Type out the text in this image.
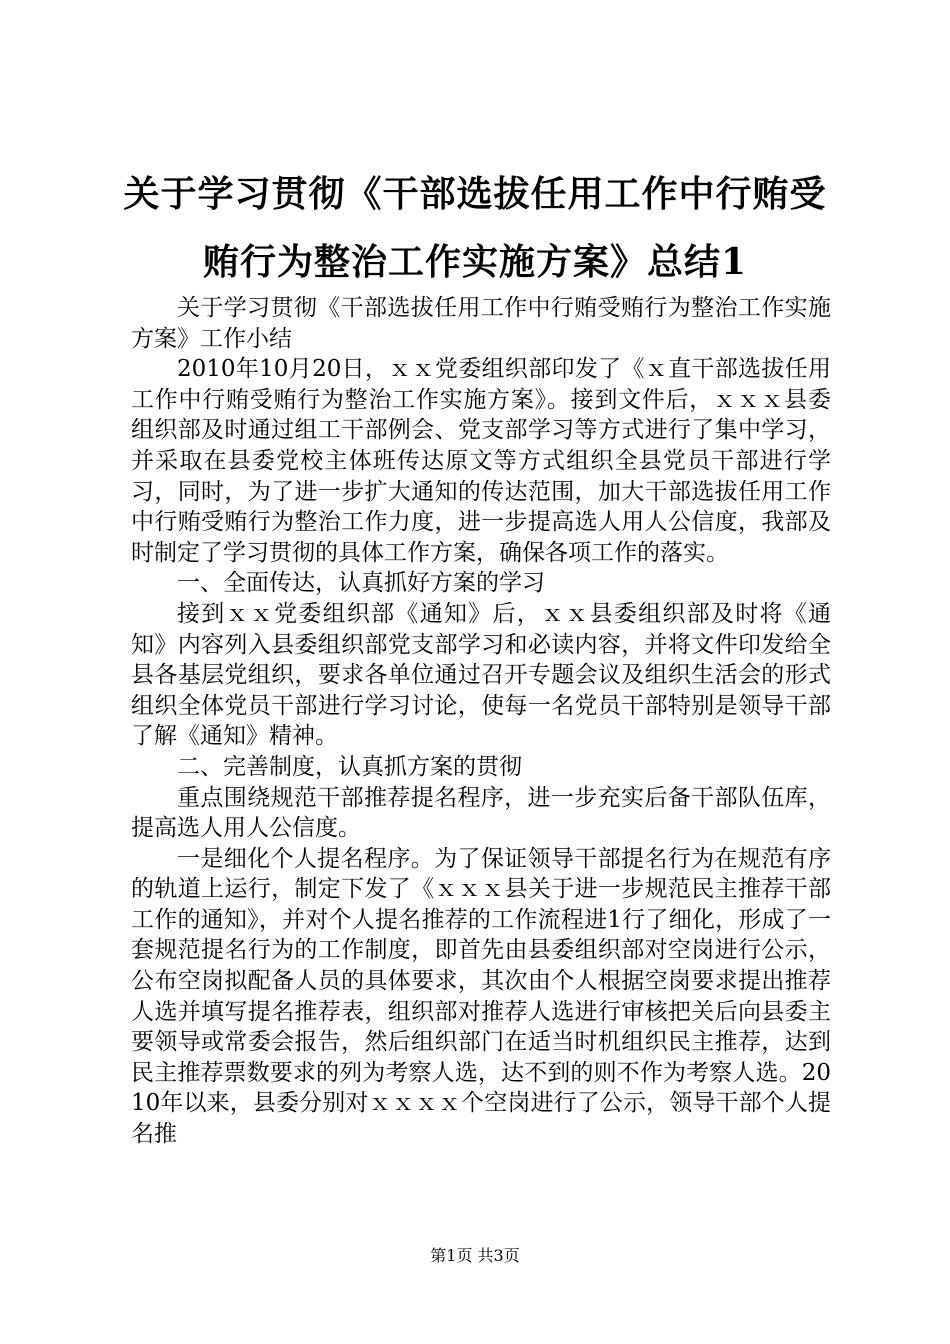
关于学习贯彻《干部选拔任用工作中行贿受贿行为整治工作实施方案》总结1

关于学习贯彻《干部选拔任用工作中行贿受贿行为整治工作实施方案》工作小结

2010年10月20日，ｘｘ党委组织部印发了《ｘ直干部选拔任用工作中行贿受贿行为整治工作实施方案》。接到文件后，ｘｘｘ县委组织部及时通过组工干部例会、党支部学习等方式进行了集中学习，并采取在县委党校主体班传达原文等方式组织全县党员干部进行学习，同时，为了进一步扩大通知的传达范围，加大干部选拔任用工作中行贿受贿行为整治工作力度，进一步提高选人用人公信度，我部及时制定了学习贯彻的具体工作方案，确保各项工作的落实。

一、全面传达，认真抓好方案的学习

接到ｘｘ党委组织部《通知》后，ｘｘ县委组织部及时将《通知》内容列入县委组织部党支部学习和必读内容，并将文件印发给全县各基层党组织，要求各单位通过召开专题会议及组织生活会的形式组织全体党员干部进行学习讨论，使每一名党员干部特别是领导干部了解《通知》精神。

二、完善制度，认真抓方案的贯彻

重点围绕规范干部推荐提名程序，进一步充实后备干部队伍库，提高选人用人公信度。

一是细化个人提名程序。为了保证领导干部提名行为在规范有序的轨道上运行，制定下发了《ｘｘｘ县关于进一步规范民主推荐干部工作的通知》，并对个人提名推荐的工作流程进1行了细化，形成了一套规范提名行为的工作制度，即首先由县委组织部对空岗进行公示，公布空岗拟配备人员的具体要求，其次由个人根据空岗要求提出推荐人选并填写提名推荐表，组织部对推荐人选进行审核把关后向县委主要领导或常委会报告，然后组织部门在适当时机组织民主推荐，达到民主推荐票数要求的列为考察人选，达不到的则不作为考察人选。2010年以来，县委分别对ｘｘｘｘ个空岗进行了公示，领导干部个人提名推

第1页 共3页
